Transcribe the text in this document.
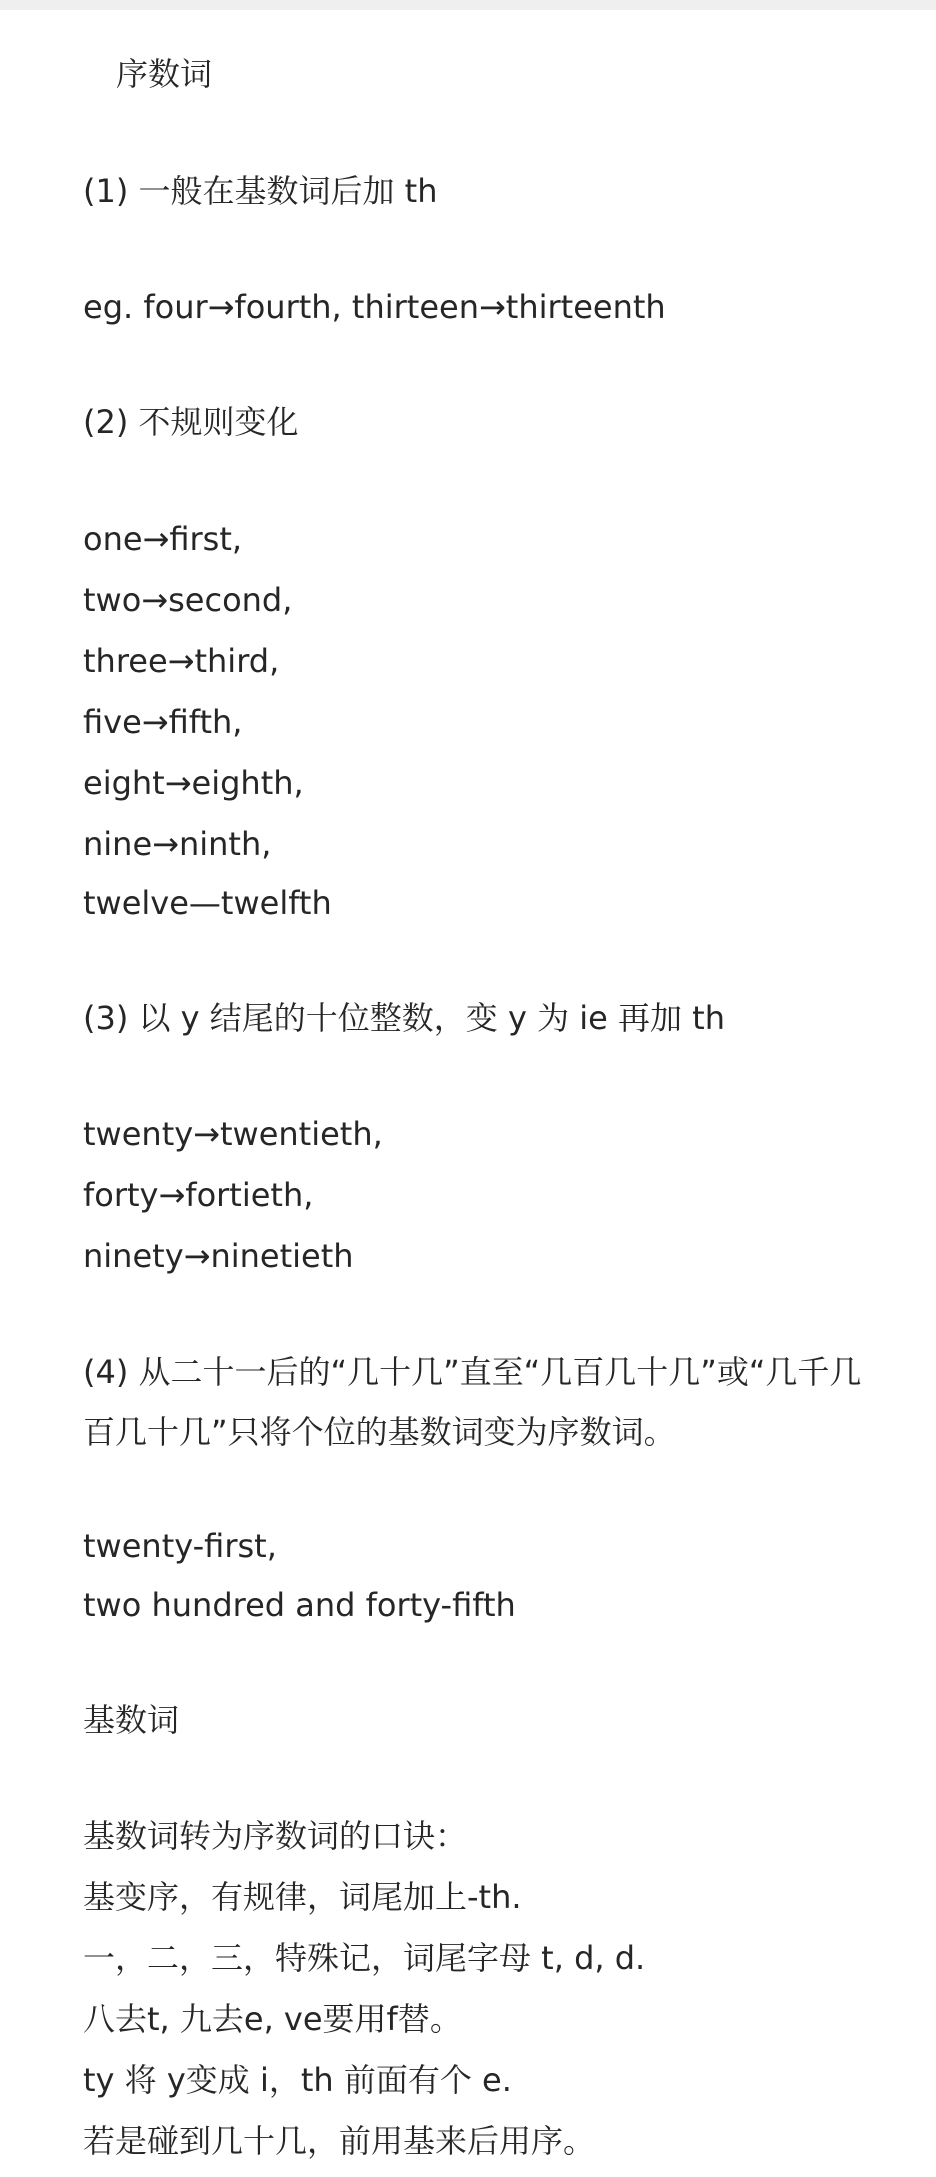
序数词
(1) 一般在基数词后加 th
eg. four→fourth, thirteen→thirteenth
(2) 不规则变化
one→first,
two→second,
three→third,
five→fifth,
eight→eighth,
nine→ninth,
twelve—twelfth
(3) 以 y 结尾的十位整数，变 y 为 ie 再加 th
twenty→twentieth,
forty→fortieth,
ninety→ninetieth
(4) 从二十一后的“几十几”直至“几百几十几”或“几千几
百几十几”只将个位的基数词变为序数词。
twenty-first,
two hundred and forty-fifth
基数词
基数词转为序数词的口诀：
基变序，有规律，词尾加上-th.
一，二，三，特殊记，词尾字母 t, d, d.
八去t, 九去e, ve要用f替。
ty 将 y变成 i，th 前面有个 e.
若是碰到几十几，前用基来后用序。
